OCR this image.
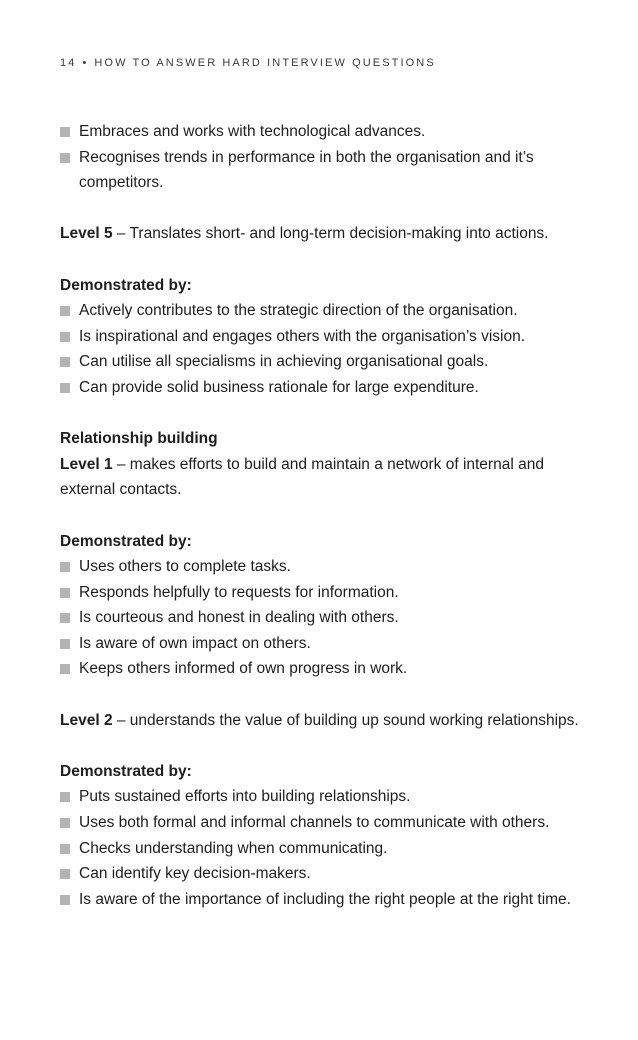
14 • HOW TO ANSWER HARD INTERVIEW QUESTIONS
Embraces and works with technological advances.
Recognises trends in performance in both the organisation and it’s competitors.

Level 5 – Translates short- and long-term decision-making into actions.

Demonstrated by:

Actively contributes to the strategic direction of the organisation.
Is inspirational and engages others with the organisation’s vision.
Can utilise all specialisms in achieving organisational goals.
Can provide solid business rationale for large expenditure.

Relationship building

Level 1 – makes efforts to build and maintain a network of internal and external contacts.

Demonstrated by:

Uses others to complete tasks.
Responds helpfully to requests for information.
Is courteous and honest in dealing with others.
Is aware of own impact on others.
Keeps others informed of own progress in work.

Level 2 – understands the value of building up sound working relationships.

Demonstrated by:

Puts sustained efforts into building relationships.
Uses both formal and informal channels to communicate with others.
Checks understanding when communicating.
Can identify key decision-makers.
Is aware of the importance of including the right people at the right time.
